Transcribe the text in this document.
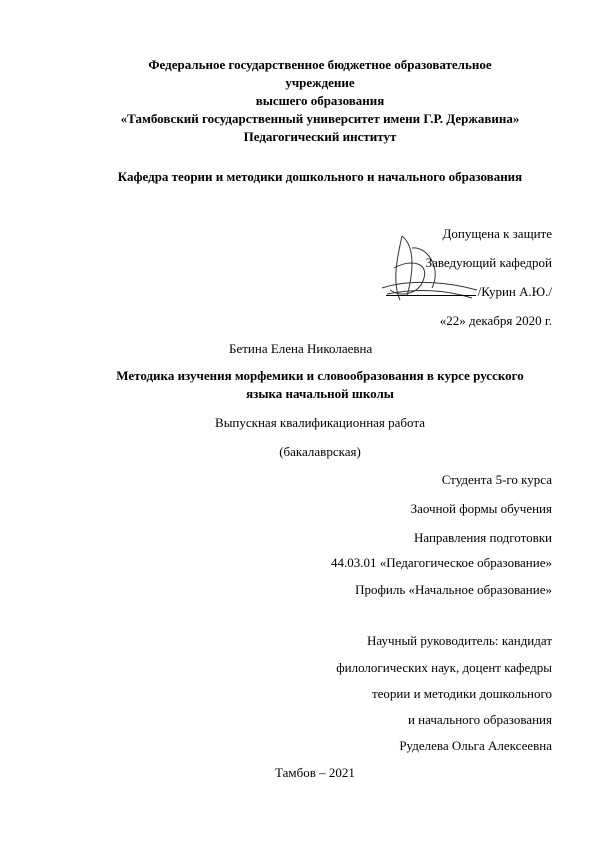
Федеральное государственное бюджетное образовательное
учреждение
высшего образования
«Тамбовский государственный университет имени Г.Р. Державина»
Педагогический институт
Кафедра теории и методики дошкольного и начального образования
Допущена к защите
Заведующий кафедрой
/Курин А.Ю./
«22» декабря 2020 г.
Бетина Елена Николаевна
Методика изучения морфемики и словообразования в курсе русского
языка начальной школы
Выпускная квалификационная работа
(бакалаврская)
Студента 5-го курса
Заочной формы обучения
Направления подготовки
44.03.01 «Педагогическое образование»
Профиль «Начальное образование»
Научный руководитель: кандидат
филологических наук, доцент кафедры
теории и методики дошкольного
и начального образования
Руделева Ольга Алексеевна
Тамбов – 2021
